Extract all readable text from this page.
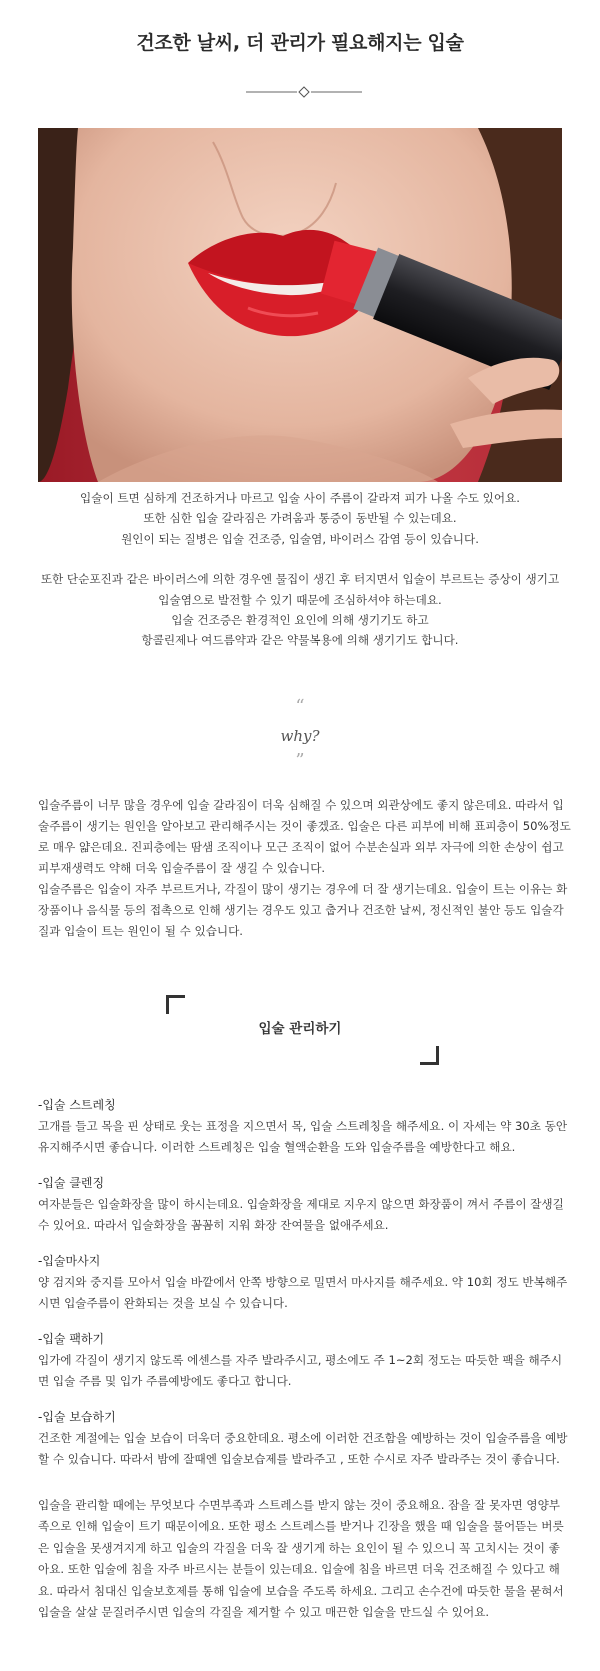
건조한 날씨, 더 관리가 필요해지는 입술

입술이 트면 심하게 건조하거나 마르고 입술 사이 주름이 갈라져 피가 나올 수도 있어요.

또한 심한 입술 갈라짐은 가려움과 통증이 동반될 수 있는데요.

원인이 되는 질병은 입술 건조증, 입술염, 바이러스 감염 등이 있습니다.

또한 단순포진과 같은 바이러스에 의한 경우엔 물집이 생긴 후 터지면서 입술이 부르트는 증상이 생기고

입술염으로 발전할 수 있기 때문에 조심하셔야 하는데요.

입술 건조증은 환경적인 요인에 의해 생기기도 하고

항콜린제나 여드름약과 같은 약물복용에 의해 생기기도 합니다.

“
why?
”

입술주름이 너무 많을 경우에 입술 갈라짐이 더욱 심해질 수 있으며 외관상에도 좋지 않은데요. 따라서 입

술주름이 생기는 원인을 알아보고 관리해주시는 것이 좋겠죠. 입술은 다른 피부에 비해 표피층이 50%정도

로 매우 얇은데요. 진피층에는 땀샘 조직이나 모근 조직이 없어 수분손실과 외부 자극에 의한 손상이 쉽고

피부재생력도 약해 더욱 입술주름이 잘 생길 수 있습니다.

입술주름은 입술이 자주 부르트거나, 각질이 많이 생기는 경우에 더 잘 생기는데요. 입술이 트는 이유는 화

장품이나 음식물 등의 접촉으로 인해 생기는 경우도 있고 춥거나 건조한 날씨, 정신적인 불안 등도 입술각

질과 입술이 트는 원인이 될 수 있습니다.

입술 관리하기
-입술 스트레칭

고개를 들고 목을 핀 상태로 웃는 표정을 지으면서 목, 입술 스트레칭을 해주세요. 이 자세는 약 30초 동안

유지해주시면 좋습니다. 이러한 스트레칭은 입술 혈액순환을 도와 입술주름을 예방한다고 해요.

-입술 클렌징

여자분들은 입술화장을 많이 하시는데요. 입술화장을 제대로 지우지 않으면 화장품이 껴서 주름이 잘생길

수 있어요. 따라서 입술화장을 꼼꼼히 지워 화장 잔여물을 없애주세요.

-입술마사지

양 검지와 중지를 모아서 입술 바깥에서 안쪽 방향으로 밀면서 마사지를 해주세요. 약 10회 정도 반복해주

시면 입술주름이 완화되는 것을 보실 수 있습니다.

-입술 팩하기

입가에 각질이 생기지 않도록 에센스를 자주 발라주시고, 평소에도 주 1~2회 정도는 따듯한 팩을 해주시

면 입술 주름 및 입가 주름예방에도 좋다고 합니다.

-입술 보습하기

건조한 계절에는 입술 보습이 더욱더 중요한데요. 평소에 이러한 건조함을 예방하는 것이 입술주름을 예방

할 수 있습니다. 따라서 밤에 잘때엔 입술보습제를 발라주고 , 또한 수시로 자주 발라주는 것이 좋습니다.

입술을 관리할 때에는 무엇보다 수면부족과 스트레스를 받지 않는 것이 중요해요. 잠을 잘 못자면 영양부

족으로 인해 입술이 트기 때문이에요. 또한 평소 스트레스를 받거나 긴장을 했을 때 입술을 물어뜯는 버릇

은 입술을 못생겨지게 하고 입술의 각질을 더욱 잘 생기게 하는 요인이 될 수 있으니 꼭 고치시는 것이 좋

아요. 또한 입술에 침을 자주 바르시는 분들이 있는데요. 입술에 침을 바르면 더욱 건조해질 수 있다고 해

요. 따라서 침대신 입술보호제를 통해 입술에 보습을 주도록 하세요. 그리고 손수건에 따듯한 물을 묻혀서

입술을 살살 문질러주시면 입술의 각질을 제거할 수 있고 매끈한 입술을 만드실 수 있어요.
